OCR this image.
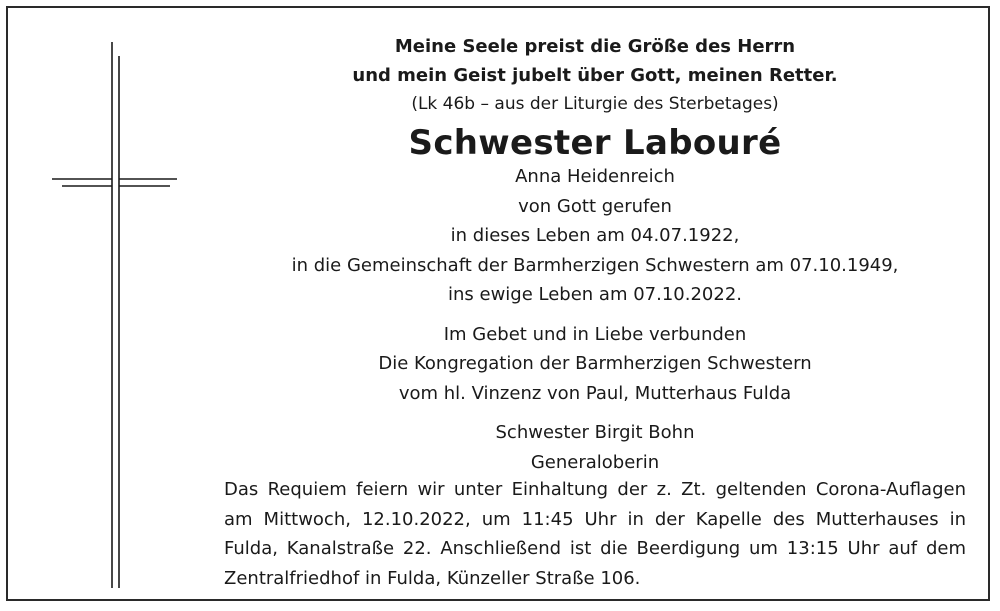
Meine Seele preist die Größe des Herrn
und mein Geist jubelt über Gott, meinen Retter.
(Lk 46b – aus der Liturgie des Sterbetages)
Schwester Labouré
Anna Heidenreich
von Gott gerufen
in dieses Leben am 04.07.1922,
in die Gemeinschaft der Barmherzigen Schwestern am 07.10.1949,
ins ewige Leben am 07.10.2022.
Im Gebet und in Liebe verbunden
Die Kongregation der Barmherzigen Schwestern
vom hl. Vinzenz von Paul, Mutterhaus Fulda
Schwester Birgit Bohn
Generaloberin

Das Requiem feiern wir unter Einhaltung der z. Zt. geltenden Corona-Auflagen

am Mittwoch, 12.10.2022, um 11:45 Uhr in der Kapelle des Mutterhauses in

Fulda, Kanalstraße 22. Anschließend ist die Beerdigung um 13:15 Uhr auf dem

Zentralfriedhof in Fulda, Künzeller Straße 106.
